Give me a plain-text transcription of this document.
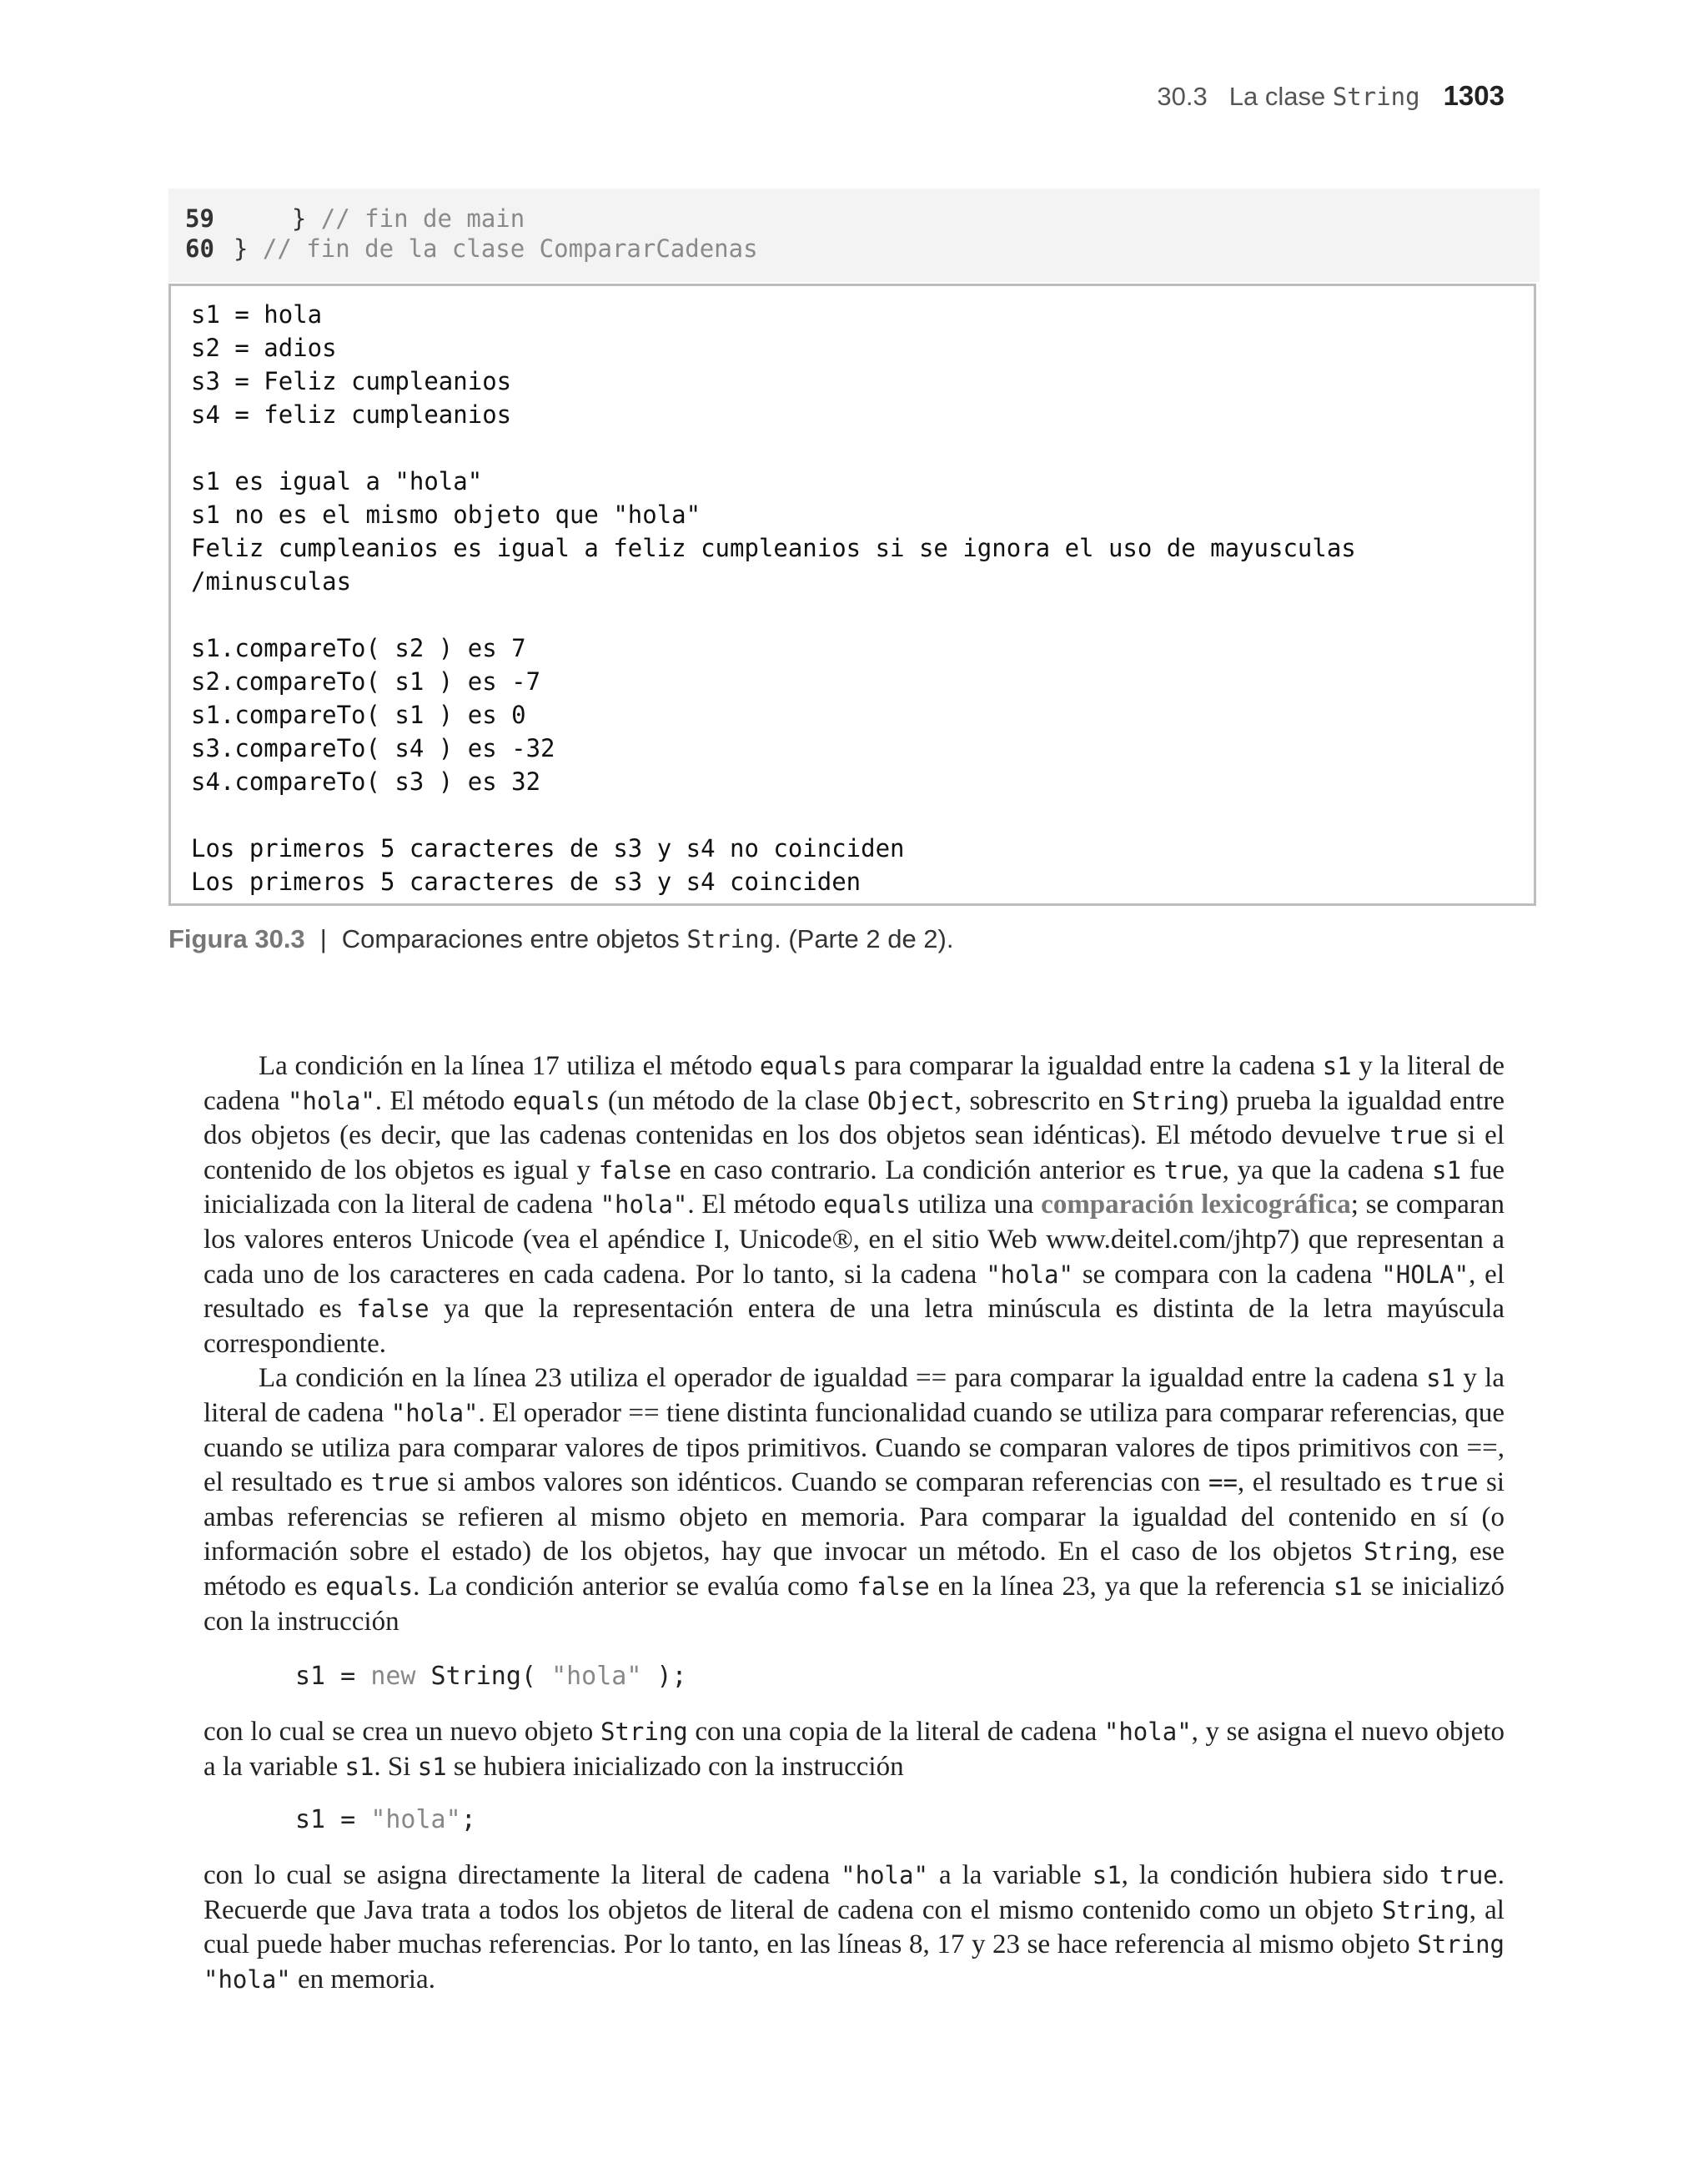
30.3 La clase String 1303
59    } // fin de main
60 } // fin de la clase CompararCadenas
s1 = hola
s2 = adios
s3 = Feliz cumpleanios
s4 = feliz cumpleanios
s1 es igual a "hola"
s1 no es el mismo objeto que "hola"
Feliz cumpleanios es igual a feliz cumpleanios si se ignora el uso de mayusculas
/minusculas
s1.compareTo( s2 ) es 7
s2.compareTo( s1 ) es -7
s1.compareTo( s1 ) es 0
s3.compareTo( s4 ) es -32
s4.compareTo( s3 ) es 32
Los primeros 5 caracteres de s3 y s4 no coinciden
Los primeros 5 caracteres de s3 y s4 coinciden
Figura 30.3 | Comparaciones entre objetos String. (Parte 2 de 2).

La condición en la línea 17 utiliza el método equals para comparar la igualdad entre la cadena s1 y la literal de cadena "hola". El método equals (un método de la clase Object, sobrescrito en String) prueba la igualdad entre dos objetos (es decir, que las cadenas contenidas en los dos objetos sean idénticas). El método devuelve true si el contenido de los objetos es igual y false en caso contrario. La condición anterior es true, ya que la cadena s1 fue inicializada con la literal de cadena "hola". El método equals utiliza una comparación lexicográfica; se comparan los valores enteros Unicode (vea el apéndice I, Unicode®, en el sitio Web www.deitel.com/jhtp7) que representan a cada uno de los caracteres en cada cadena. Por lo tanto, si la cadena "hola" se compara con la cadena "HOLA", el resultado es false ya que la representación entera de una letra minúscula es distinta de la letra mayúscula correspondiente.

La condición en la línea 23 utiliza el operador de igualdad == para comparar la igualdad entre la cadena s1 y la literal de cadena "hola". El operador == tiene distinta funcionalidad cuando se utiliza para comparar referencias, que cuando se utiliza para comparar valores de tipos primitivos. Cuando se comparan valores de tipos primitivos con ==, el resultado es true si ambos valores son idénticos. Cuando se comparan referencias con ==, el resultado es true si ambas referencias se refieren al mismo objeto en memoria. Para comparar la igualdad del contenido en sí (o información sobre el estado) de los objetos, hay que invocar un método. En el caso de los objetos String, ese método es equals. La condición anterior se evalúa como false en la línea 23, ya que la referencia s1 se inicializó con la instrucción

s1 = new String( "hola" );

con lo cual se crea un nuevo objeto String con una copia de la literal de cadena "hola", y se asigna el nuevo objeto a la variable s1. Si s1 se hubiera inicializado con la instrucción

s1 = "hola";

con lo cual se asigna directamente la literal de cadena "hola" a la variable s1, la condición hubiera sido true. Recuerde que Java trata a todos los objetos de literal de cadena con el mismo contenido como un objeto String, al cual puede haber muchas referencias. Por lo tanto, en las líneas 8, 17 y 23 se hace referencia al mismo objeto String "hola" en memoria.
